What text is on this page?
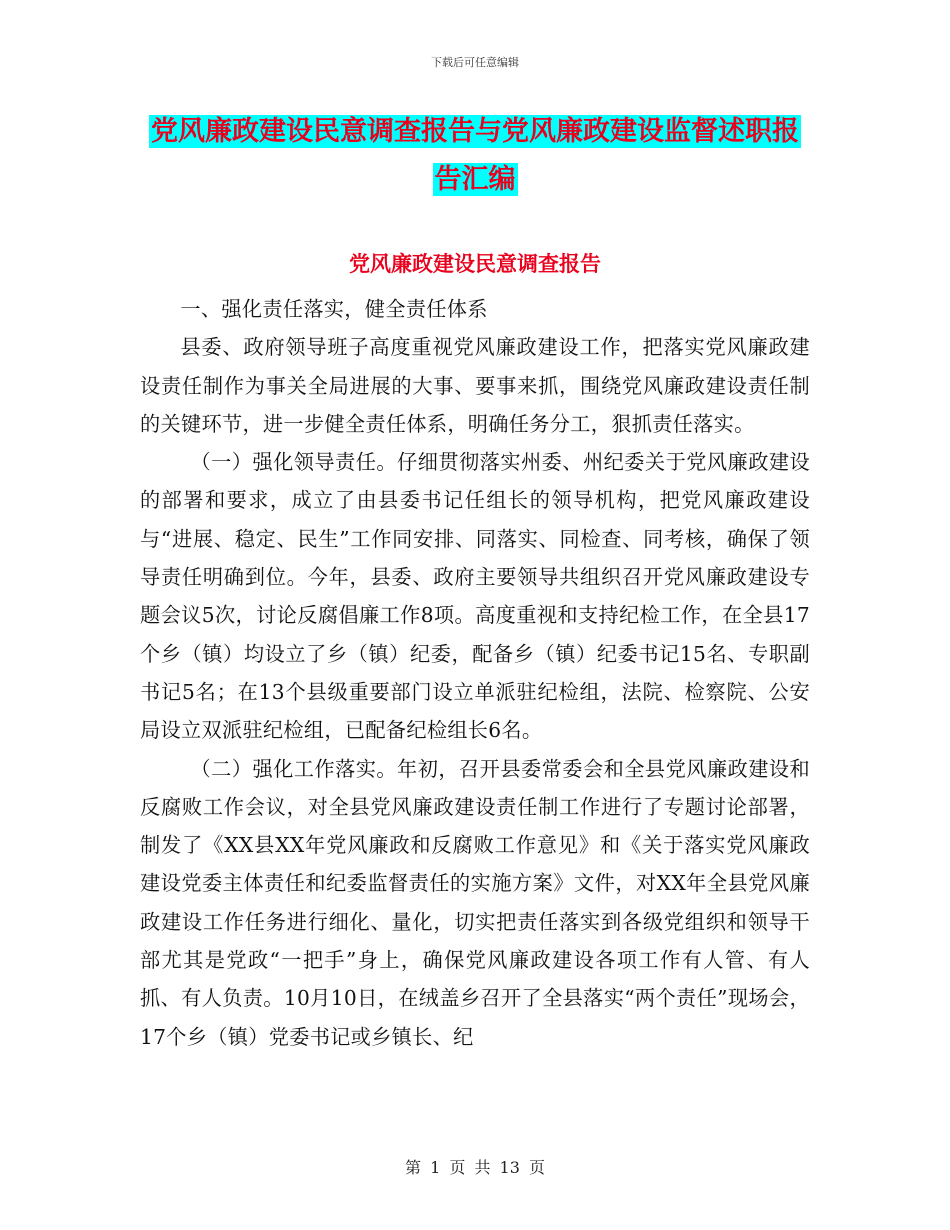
下载后可任意编辑
党风廉政建设民意调查报告与党风廉政建设监督述职报告汇编
党风廉政建设民意调查报告

一、强化责任落实，健全责任体系

县委、政府领导班子高度重视党风廉政建设工作，把落实党风廉政建设责任制作为事关全局进展的大事、要事来抓，围绕党风廉政建设责任制的关键环节，进一步健全责任体系，明确任务分工，狠抓责任落实。

（一）强化领导责任。仔细贯彻落实州委、州纪委关于党风廉政建设的部署和要求，成立了由县委书记任组长的领导机构，把党风廉政建设与“进展、稳定、民生”工作同安排、同落实、同检查、同考核，确保了领导责任明确到位。今年，县委、政府主要领导共组织召开党风廉政建设专题会议5次，讨论反腐倡廉工作8项。高度重视和支持纪检工作，在全县17个乡（镇）均设立了乡（镇）纪委，配备乡（镇）纪委书记15名、专职副书记5名；在13个县级重要部门设立单派驻纪检组，法院、检察院、公安局设立双派驻纪检组，已配备纪检组长6名。

（二）强化工作落实。年初，召开县委常委会和全县党风廉政建设和反腐败工作会议，对全县党风廉政建设责任制工作进行了专题讨论部署，制发了《XX县XX年党风廉政和反腐败工作意见》和《关于落实党风廉政建设党委主体责任和纪委监督责任的实施方案》文件，对XX年全县党风廉政建设工作任务进行细化、量化，切实把责任落实到各级党组织和领导干部尤其是党政“一把手”身上，确保党风廉政建设各项工作有人管、有人抓、有人负责。10月10日，在绒盖乡召开了全县落实“两个责任”现场会，17个乡（镇）党委书记或乡镇长、纪

第 1 页 共 13 页
